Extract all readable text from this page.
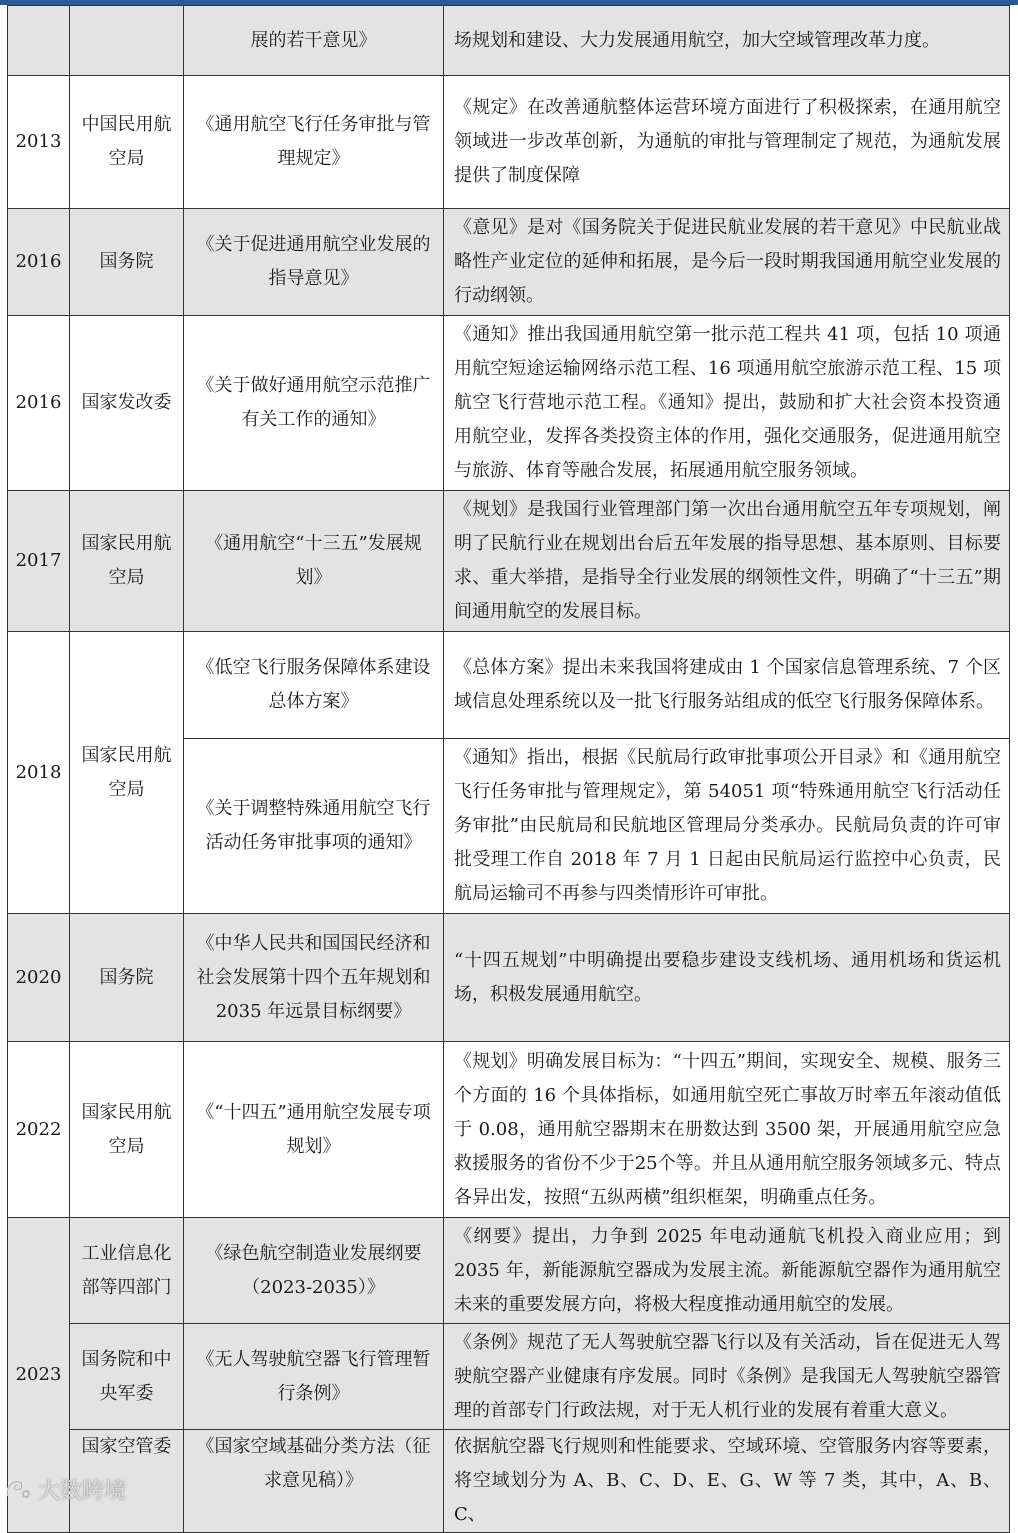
		展的若干意见》	场规划和建设、大力发展通用航空，加大空域管理改革力度。
2013	中国民用航空局	《通用航空飞行任务审批与管理规定》	《规定》在改善通航整体运营环境方面进行了积极探索，在通用航空领域进一步改革创新，为通航的审批与管理制定了规范，为通航发展提供了制度保障
2016	国务院	《关于促进通用航空业发展的指导意见》	《意见》是对《国务院关于促进民航业发展的若干意见》中民航业战略性产业定位的延伸和拓展，是今后一段时期我国通用航空业发展的行动纲领。
2016	国家发改委	《关于做好通用航空示范推广有关工作的通知》	《通知》推出我国通用航空第一批示范工程共 41 项，包括 10 项通用航空短途运输网络示范工程、16 项通用航空旅游示范工程、15 项航空飞行营地示范工程。《通知》提出，鼓励和扩大社会资本投资通用航空业，发挥各类投资主体的作用，强化交通服务，促进通用航空与旅游、体育等融合发展，拓展通用航空服务领域。
2017	国家民用航空局	《通用航空“十三五”发展规划》	《规划》是我国行业管理部门第一次出台通用航空五年专项规划，阐明了民航行业在规划出台后五年发展的指导思想、基本原则、目标要求、重大举措，是指导全行业发展的纲领性文件，明确了“十三五”期间通用航空的发展目标。
2018	国家民用航空局	《低空飞行服务保障体系建设总体方案》	《总体方案》提出未来我国将建成由 1 个国家信息管理系统、7 个区域信息处理系统以及一批飞行服务站组成的低空飞行服务保障体系。
		《关于调整特殊通用航空飞行活动任务审批事项的通知》	《通知》指出，根据《民航局行政审批事项公开目录》和《通用航空飞行任务审批与管理规定》，第 54051 项“特殊通用航空飞行活动任务审批”由民航局和民航地区管理局分类承办。民航局负责的许可审批受理工作自 2018 年 7 月 1 日起由民航局运行监控中心负责，民航局运输司不再参与四类情形许可审批。
2020	国务院	《中华人民共和国国民经济和社会发展第十四个五年规划和 2035 年远景目标纲要》	“十四五规划”中明确提出要稳步建设支线机场、通用机场和货运机场，积极发展通用航空。
2022	国家民用航空局	《“十四五”通用航空发展专项规划》	《规划》明确发展目标为：“十四五”期间，实现安全、规模、服务三个方面的 16 个具体指标，如通用航空死亡事故万时率五年滚动值低于 0.08，通用航空器期末在册数达到 3500 架，开展通用航空应急救援服务的省份不少于25个等。并且从通用航空服务领域多元、特点各异出发，按照“五纵两横”组织框架，明确重点任务。
2023	工业信息化部等四部门	《绿色航空制造业发展纲要（2023-2035）》	《纲要》提出，力争到 2025 年电动通航飞机投入商业应用；到 2035 年，新能源航空器成为发展主流。新能源航空器作为通用航空未来的重要发展方向，将极大程度推动通用航空的发展。
	国务院和中央军委	《无人驾驶航空器飞行管理暂行条例》	《条例》规范了无人驾驶航空器飞行以及有关活动，旨在促进无人驾驶航空器产业健康有序发展。同时《条例》是我国无人驾驶航空器管理的首部专门行政法规，对于无人机行业的发展有着重大意义。
	国家空管委	《国家空域基础分类方法（征求意见稿）》	依据航空器飞行规则和性能要求、空域环境、空管服务内容等要素，将空域划分为 A、B、C、D、E、G、W 等 7 类，其中，A、B、C、
大数跨境
